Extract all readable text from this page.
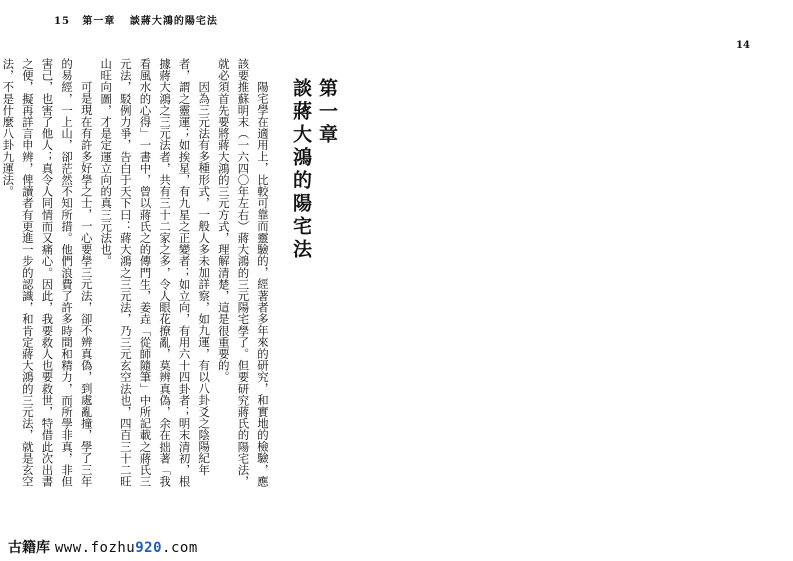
15 第一章 談蔣大鴻的陽宅法
14
第一章
談蔣大鴻的陽宅法

陽宅學在適用上，比較可靠而靈驗的，經著者多年來的研究，和實地的檢驗，應該要推蘇明末（一六四〇年左右）蔣大鴻的三元陽宅學了。但要研究蔣氏的陽宅法，就必須首先要將蔣大鴻的三元方式，理解清楚，這是很重要的。

因為三元法有多種形式，一般人多未加詳察，如九運，有以八卦爻之陰陽紀年者，謂之靈運；如挨星，有九星之正變者；如立向，有用六十四卦者；明末清初，根據蔣大鴻之三元法者，共有三十二家之多，令人眼花撩亂，莫辨真偽，余在拙著「我看風水的心得」一書中，曾以蔣氏之的傳門生，姜垚「從師隨筆」中所記載之蔣氏三元法，駁例力爭，告白于天下曰：蔣大鴻之三元法，乃三元玄空法也，四百三十二旺山旺向圖，才是定運立向的真三元法也。

可是現在有許多好學之士，一心要學三元法，卻不辨真偽，到處亂撞，學了三年的易經，一上山，卻茫然不知所措。他們浪費了許多時間和精力，而所學非真，非但害己，也害了他人；真令人同情而又痛心。因此，我要救人也要救世，特借此次出書之便，擬再詳言申辨，俾讀者有更進一步的認識，和肯定蔣大鴻的三元法，就是玄空法，不是什麼八卦九運法。

古籍库 www.fozhu920.com
